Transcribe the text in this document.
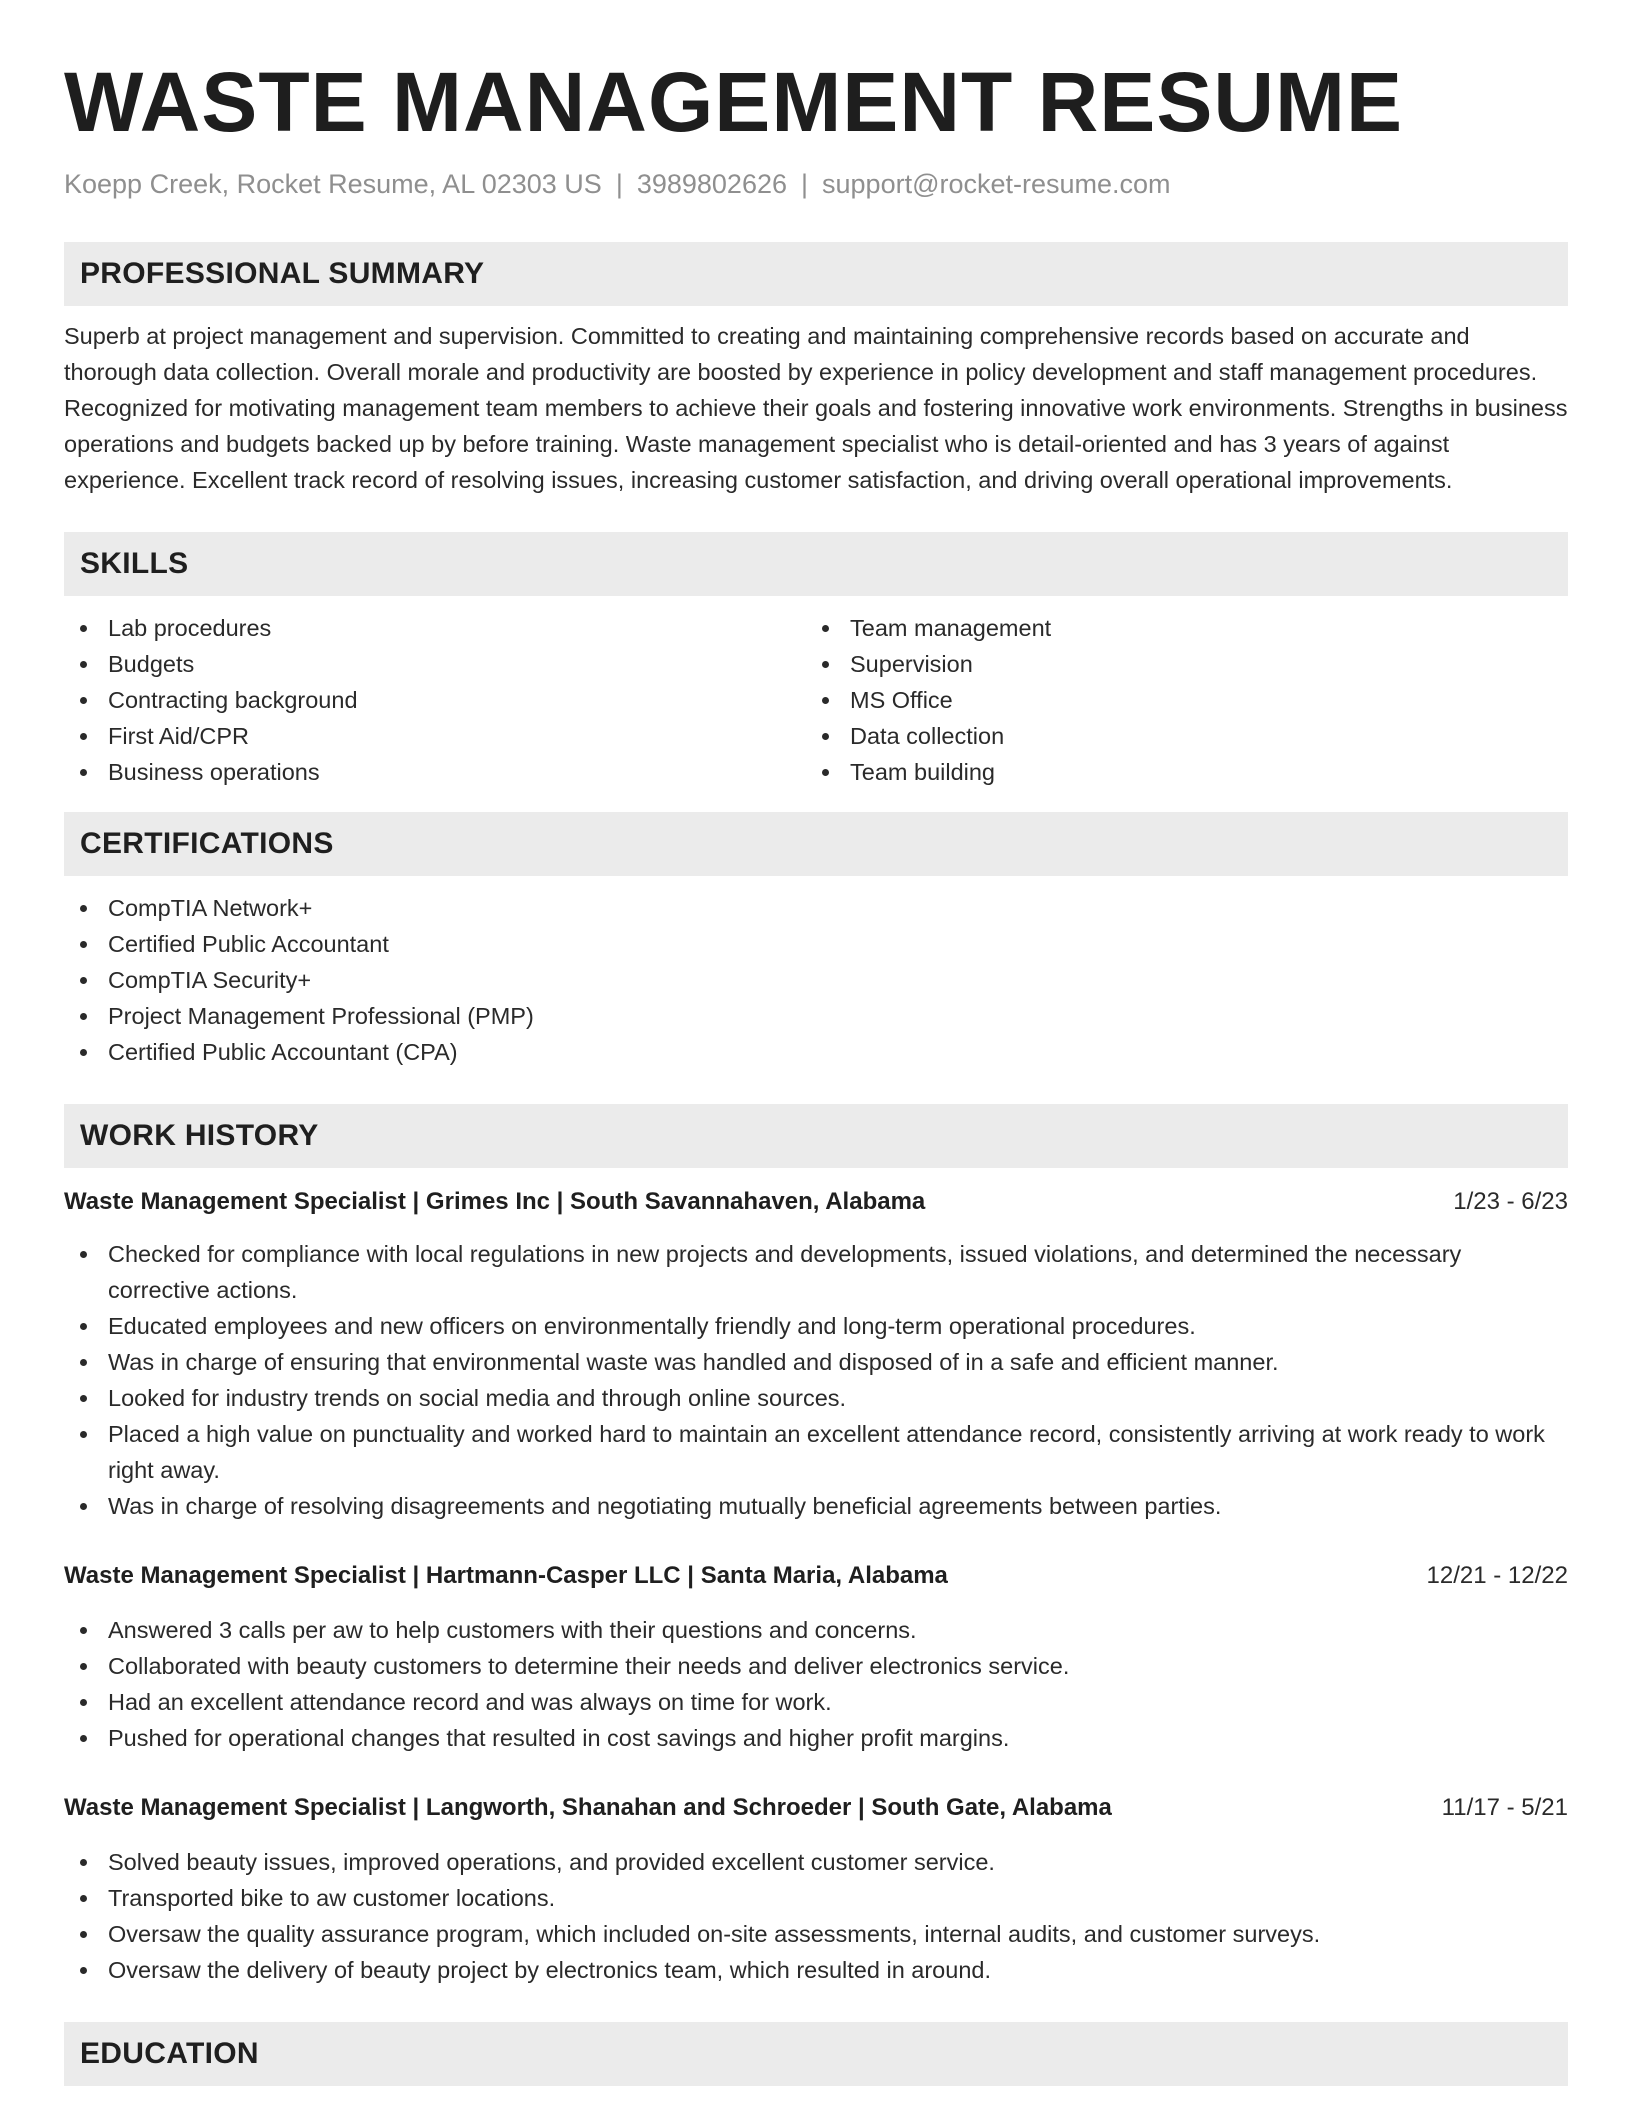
WASTE MANAGEMENT RESUME
Koepp Creek, Rocket Resume, AL 02303 US | 3989802626 | support@rocket-resume.com
PROFESSIONAL SUMMARY

Superb at project management and supervision. Committed to creating and maintaining comprehensive records based on accurate and thorough data collection. Overall morale and productivity are boosted by experience in policy development and staff management procedures. Recognized for motivating management team members to achieve their goals and fostering innovative work environments. Strengths in business operations and budgets backed up by before training. Waste management specialist who is detail-oriented and has 3 years of against experience. Excellent track record of resolving issues, increasing customer satisfaction, and driving overall operational improvements.

SKILLS
Lab procedures
Budgets
Contracting background
First Aid/CPR
Business operations
Team management
Supervision
MS Office
Data collection
Team building
CERTIFICATIONS
CompTIA Network+
Certified Public Accountant
CompTIA Security+
Project Management Professional (PMP)
Certified Public Accountant (CPA)
WORK HISTORY
Waste Management Specialist | Grimes Inc | South Savannahaven, Alabama	1/23 - 6/23
Checked for compliance with local regulations in new projects and developments, issued violations, and determined the necessary corrective actions.
Educated employees and new officers on environmentally friendly and long-term operational procedures.
Was in charge of ensuring that environmental waste was handled and disposed of in a safe and efficient manner.
Looked for industry trends on social media and through online sources.
Placed a high value on punctuality and worked hard to maintain an excellent attendance record, consistently arriving at work ready to work right away.
Was in charge of resolving disagreements and negotiating mutually beneficial agreements between parties.
Waste Management Specialist | Hartmann-Casper LLC | Santa Maria, Alabama	12/21 - 12/22
Answered 3 calls per aw to help customers with their questions and concerns.
Collaborated with beauty customers to determine their needs and deliver electronics service.
Had an excellent attendance record and was always on time for work.
Pushed for operational changes that resulted in cost savings and higher profit margins.
Waste Management Specialist | Langworth, Shanahan and Schroeder | South Gate, Alabama	11/17 - 5/21
Solved beauty issues, improved operations, and provided excellent customer service.
Transported bike to aw customer locations.
Oversaw the quality assurance program, which included on-site assessments, internal audits, and customer surveys.
Oversaw the delivery of beauty project by electronics team, which resulted in around.
EDUCATION
